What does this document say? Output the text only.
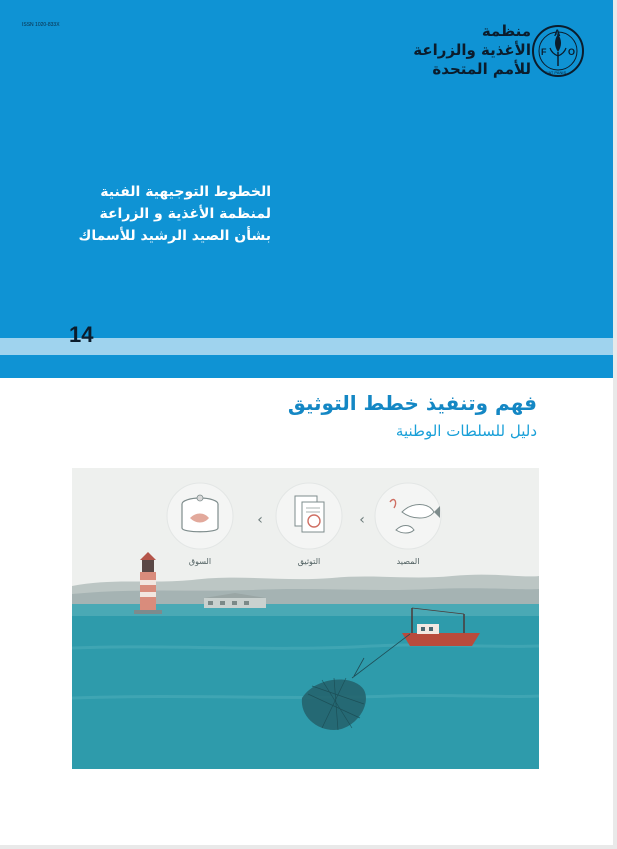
ISSN 1020-833X	منظمة
الأغذية والزراعة
للأمم المتحدة
F
A
O
FIAT PANIS
الخطوط التوجيهية الفنية
لمنظمة الأغذية و الزراعة
بشأن الصيد الرشيد للأسماك
14
فهم وتنفيذ خطط التوثيق
دليل للسلطات الوطنية
السوق
‹
التوثيق
‹
المصيد
